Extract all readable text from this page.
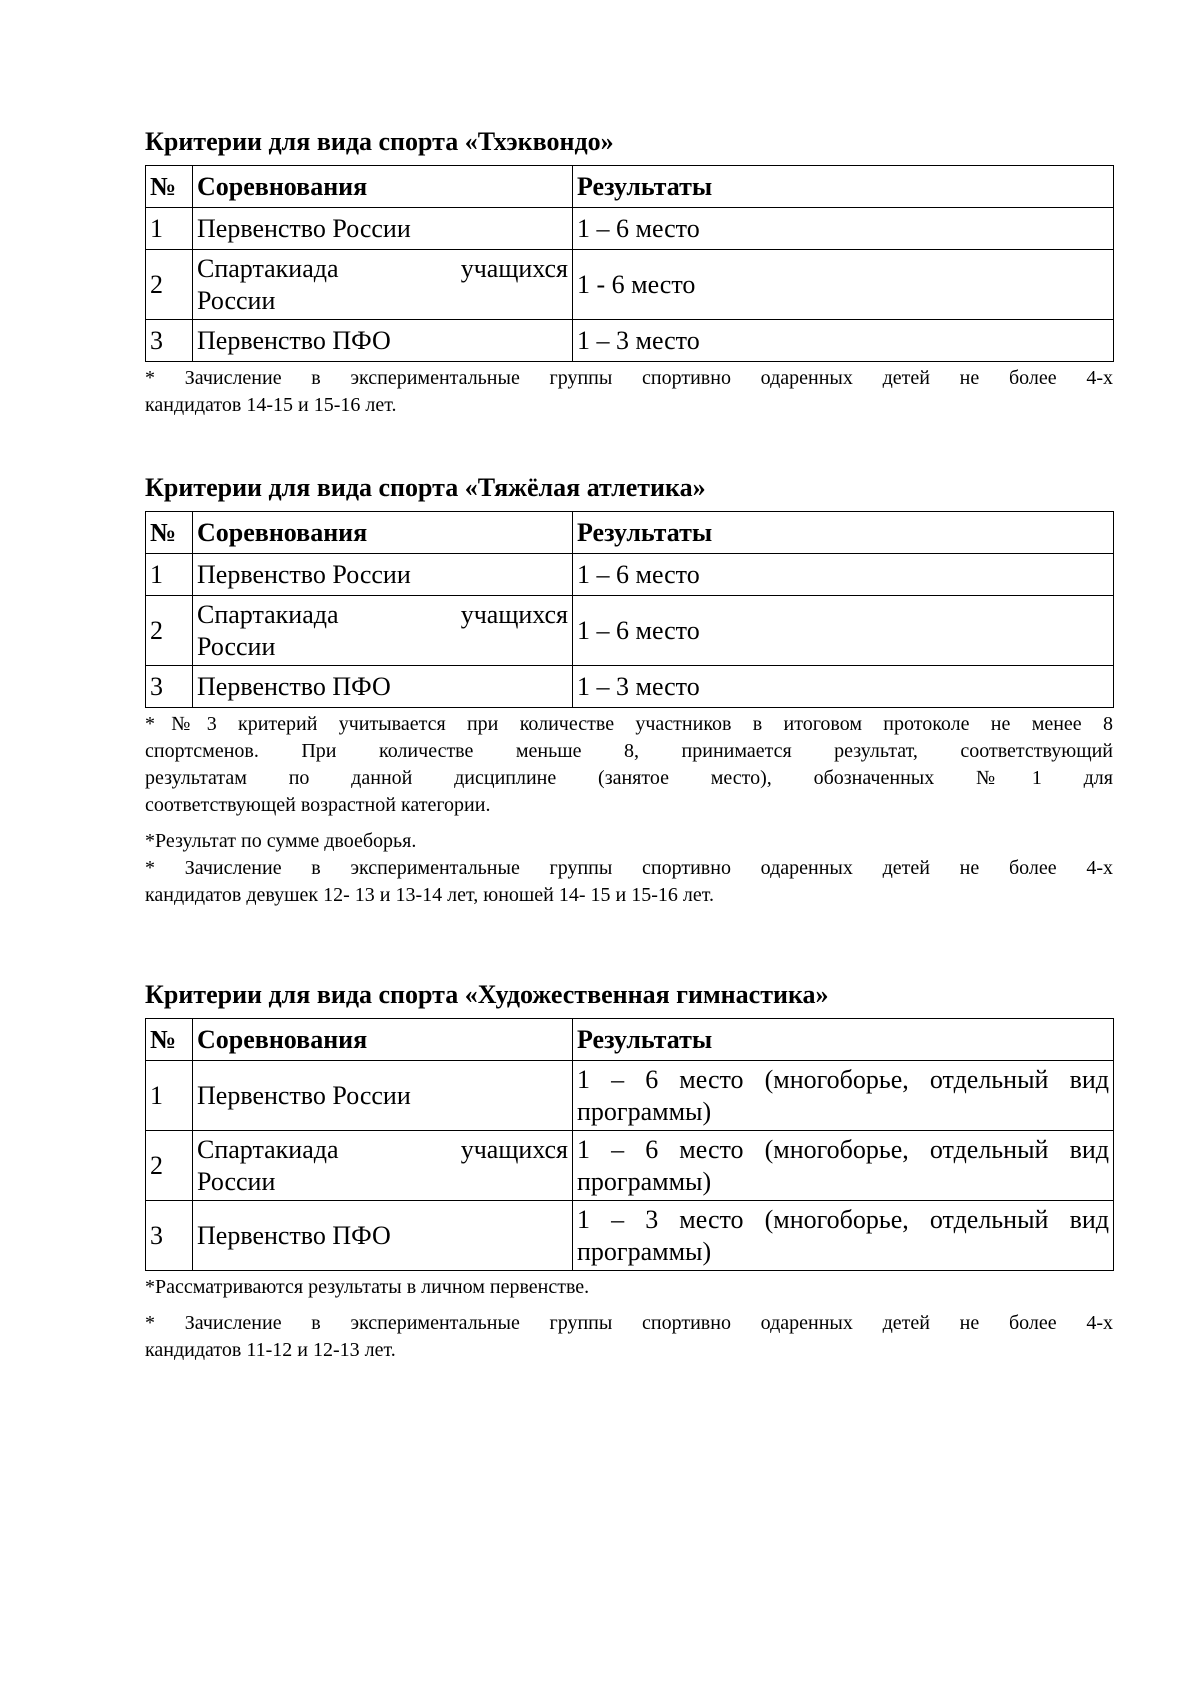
Критерии для вида спорта «Тхэквондо»
№	Соревнования	Результаты
1	Первенство России	1 – 6 место
2	Спартакиада учащихся
России	1 - 6 место
3	Первенство ПФО	1 – 3 место

* Зачисление в экспериментальные группы спортивно одаренных детей не более 4-х
кандидатов 14-15 и 15-16 лет.

Критерии для вида спорта «Тяжёлая атлетика»
№	Соревнования	Результаты
1	Первенство России	1 – 6 место
2	Спартакиада учащихся
России	1 – 6 место
3	Первенство ПФО	1 – 3 место

*№3 критерий учитывается при количестве участников в итоговом протоколе не менее 8
спортсменов. При количестве меньше 8, принимается результат, соответствующий
результатам по данной дисциплине (занятое место), обозначенных №1 для
соответствующей возрастной категории.

*Результат по сумме двоеборья.

* Зачисление в экспериментальные группы спортивно одаренных детей не более 4-х
кандидатов девушек 12- 13 и 13-14 лет, юношей 14- 15 и 15-16 лет.

Критерии для вида спорта «Художественная гимнастика»
№	Соревнования	Результаты
1	Первенство России	1 – 6 место (многоборье, отдельный вид
программы)
2	Спартакиада учащихся
России	1 – 6 место (многоборье, отдельный вид
программы)
3	Первенство ПФО	1 – 3 место (многоборье, отдельный вид
программы)

*Рассматриваются результаты в личном первенстве.

* Зачисление в экспериментальные группы спортивно одаренных детей не более 4-х
кандидатов 11-12 и 12-13 лет.
